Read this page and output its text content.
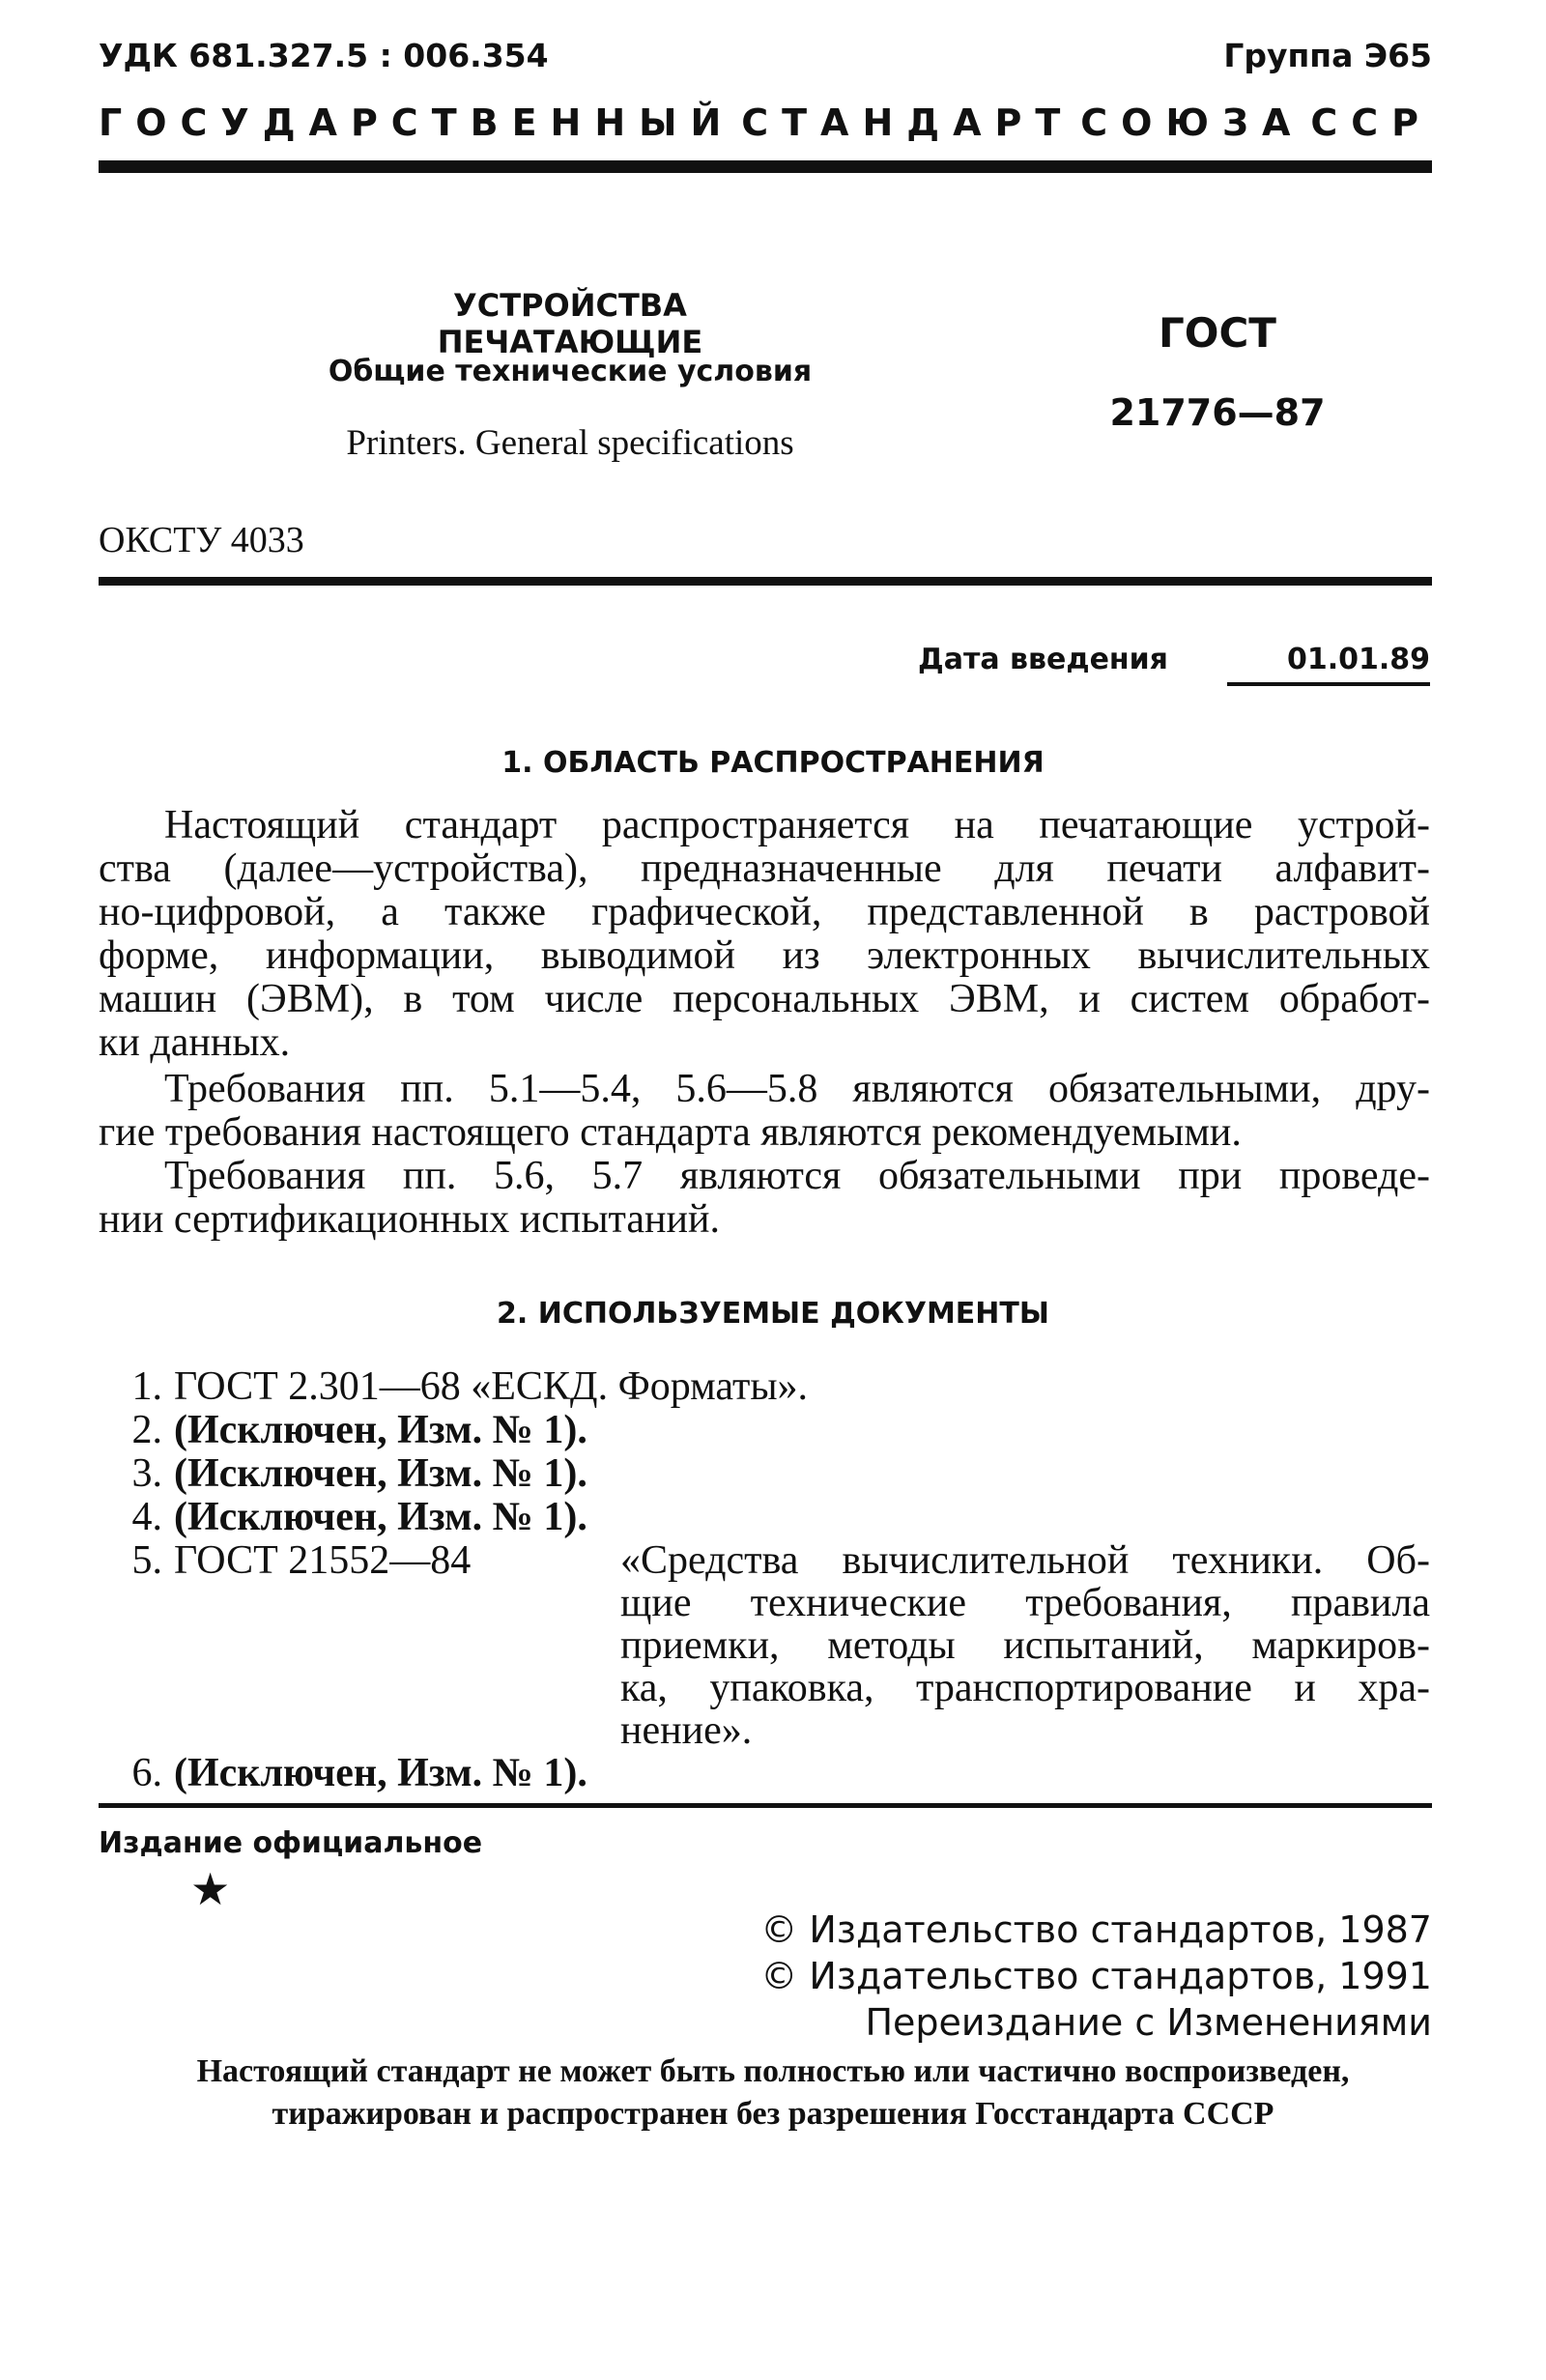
УДК 681.327.5 : 006.354	Группа Э65
ГОСУДАРСТВЕННЫЙ СТАНДАРТ СОЮЗА ССР
УСТРОЙСТВА ПЕЧАТАЮЩИЕ
Общие технические условия
Printers. General specifications
ГОСТ
21776—87
ОКСТУ 4033
Дата введения	01.01.89
1. ОБЛАСТЬ РАСПРОСТРАНЕНИЯ
Настоящий стандарт распространяется на печатающие устрой-
ства (далее—устройства), предназначенные для печати алфавит-
но-цифровой, а также графической, представленной в растровой
форме, информации, выводимой из электронных вычислительных
машин (ЭВМ), в том числе персональных ЭВМ, и систем обработ-
ки данных.
Требования пп. 5.1—5.4, 5.6—5.8 являются обязательными, дру-
гие требования настоящего стандарта являются рекомендуемыми.
Требования пп. 5.6, 5.7 являются обязательными при проведе-
нии сертификационных испытаний.
2. ИСПОЛЬЗУЕМЫЕ ДОКУМЕНТЫ
1. ГОСТ 2.301—68 «ЕСКД. Форматы».
2. (Исключен, Изм. № 1).
3. (Исключен, Изм. № 1).
4. (Исключен, Изм. № 1).
5. ГОСТ 21552—84	«Средства вычислительной техники. Об-
щие технические требования, правила
приемки, методы испытаний, маркиров-
ка, упаковка, транспортирование и хра-
нение».
6. (Исключен, Изм. № 1).
Издание официальное
★
© Издательство стандартов, 1987
© Издательство стандартов, 1991
Переиздание с Изменениями
Настоящий стандарт не может быть полностью или частично воспроизведен,
тиражирован и распространен без разрешения Госстандарта СССР
